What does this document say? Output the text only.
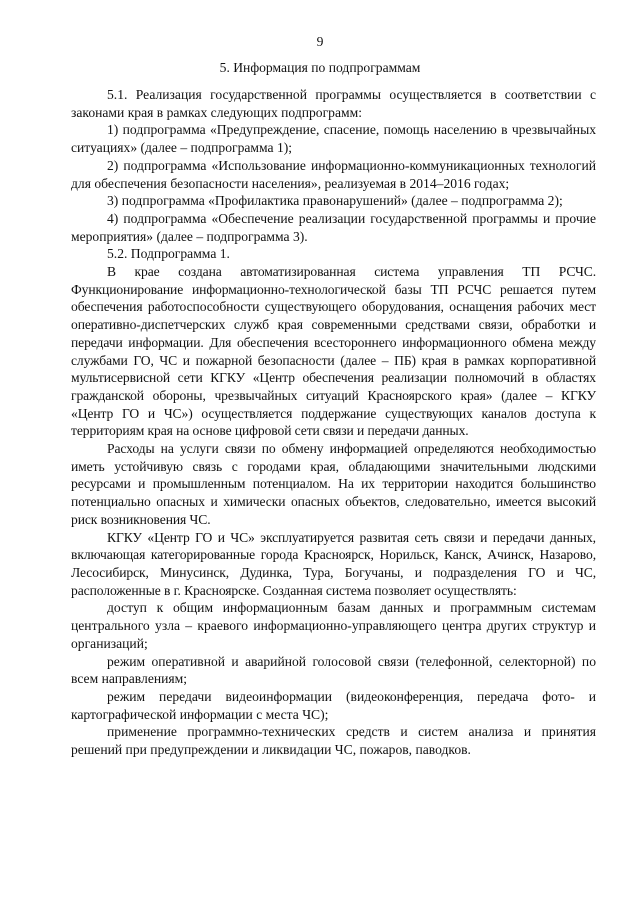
9
5. Информация по подпрограммам

5.1. Реализация государственной программы осуществляется в соответствии с законами края в рамках следующих подпрограмм:

1) подпрограмма «Предупреждение, спасение, помощь населению в чрезвычайных ситуациях» (далее – подпрограмма 1);

2) подпрограмма «Использование информационно-коммуникационных технологий для обеспечения безопасности населения», реализуемая в 2014–2016 годах;

3) подпрограмма «Профилактика правонарушений» (далее – подпрограмма 2);

4) подпрограмма «Обеспечение реализации государственной программы и прочие мероприятия» (далее – подпрограмма 3).

5.2. Подпрограмма 1.

В крае создана автоматизированная система управления ТП РСЧС. Функционирование информационно-технологической базы ТП РСЧС решается путем обеспечения работоспособности существующего оборудования, оснащения рабочих мест оперативно-диспетчерских служб края современными средствами связи, обработки и передачи информации. Для обеспечения всестороннего информационного обмена между службами ГО, ЧС и пожарной безопасности (далее – ПБ) края в рамках корпоративной мультисервисной сети КГКУ «Центр обеспечения реализации полномочий в областях гражданской обороны, чрезвычайных ситуаций Красноярского края» (далее – КГКУ «Центр ГО и ЧС») осуществляется поддержание существующих каналов доступа к территориям края на основе цифровой сети связи и передачи данных.

Расходы на услуги связи по обмену информацией определяются необходимостью иметь устойчивую связь с городами края, обладающими значительными людскими ресурсами и промышленным потенциалом. На их территории находится большинство потенциально опасных и химически опасных объектов, следовательно, имеется высокий риск возникновения ЧС.

КГКУ «Центр ГО и ЧС» эксплуатируется развитая сеть связи и передачи данных, включающая категорированные города Красноярск, Норильск, Канск, Ачинск, Назарово, Лесосибирск, Минусинск, Дудинка, Тура, Богучаны, и подразделения ГО и ЧС, расположенные в г. Красноярске. Созданная система позволяет осуществлять:

доступ к общим информационным базам данных и программным системам центрального узла – краевого информационно-управляющего центра других структур и организаций;

режим оперативной и аварийной голосовой связи (телефонной, селекторной) по всем направлениям;

режим передачи видеоинформации (видеоконференция, передача фото- и картографической информации с места ЧС);

применение программно-технических средств и систем анализа и принятия решений при предупреждении и ликвидации ЧС, пожаров, паводков.
